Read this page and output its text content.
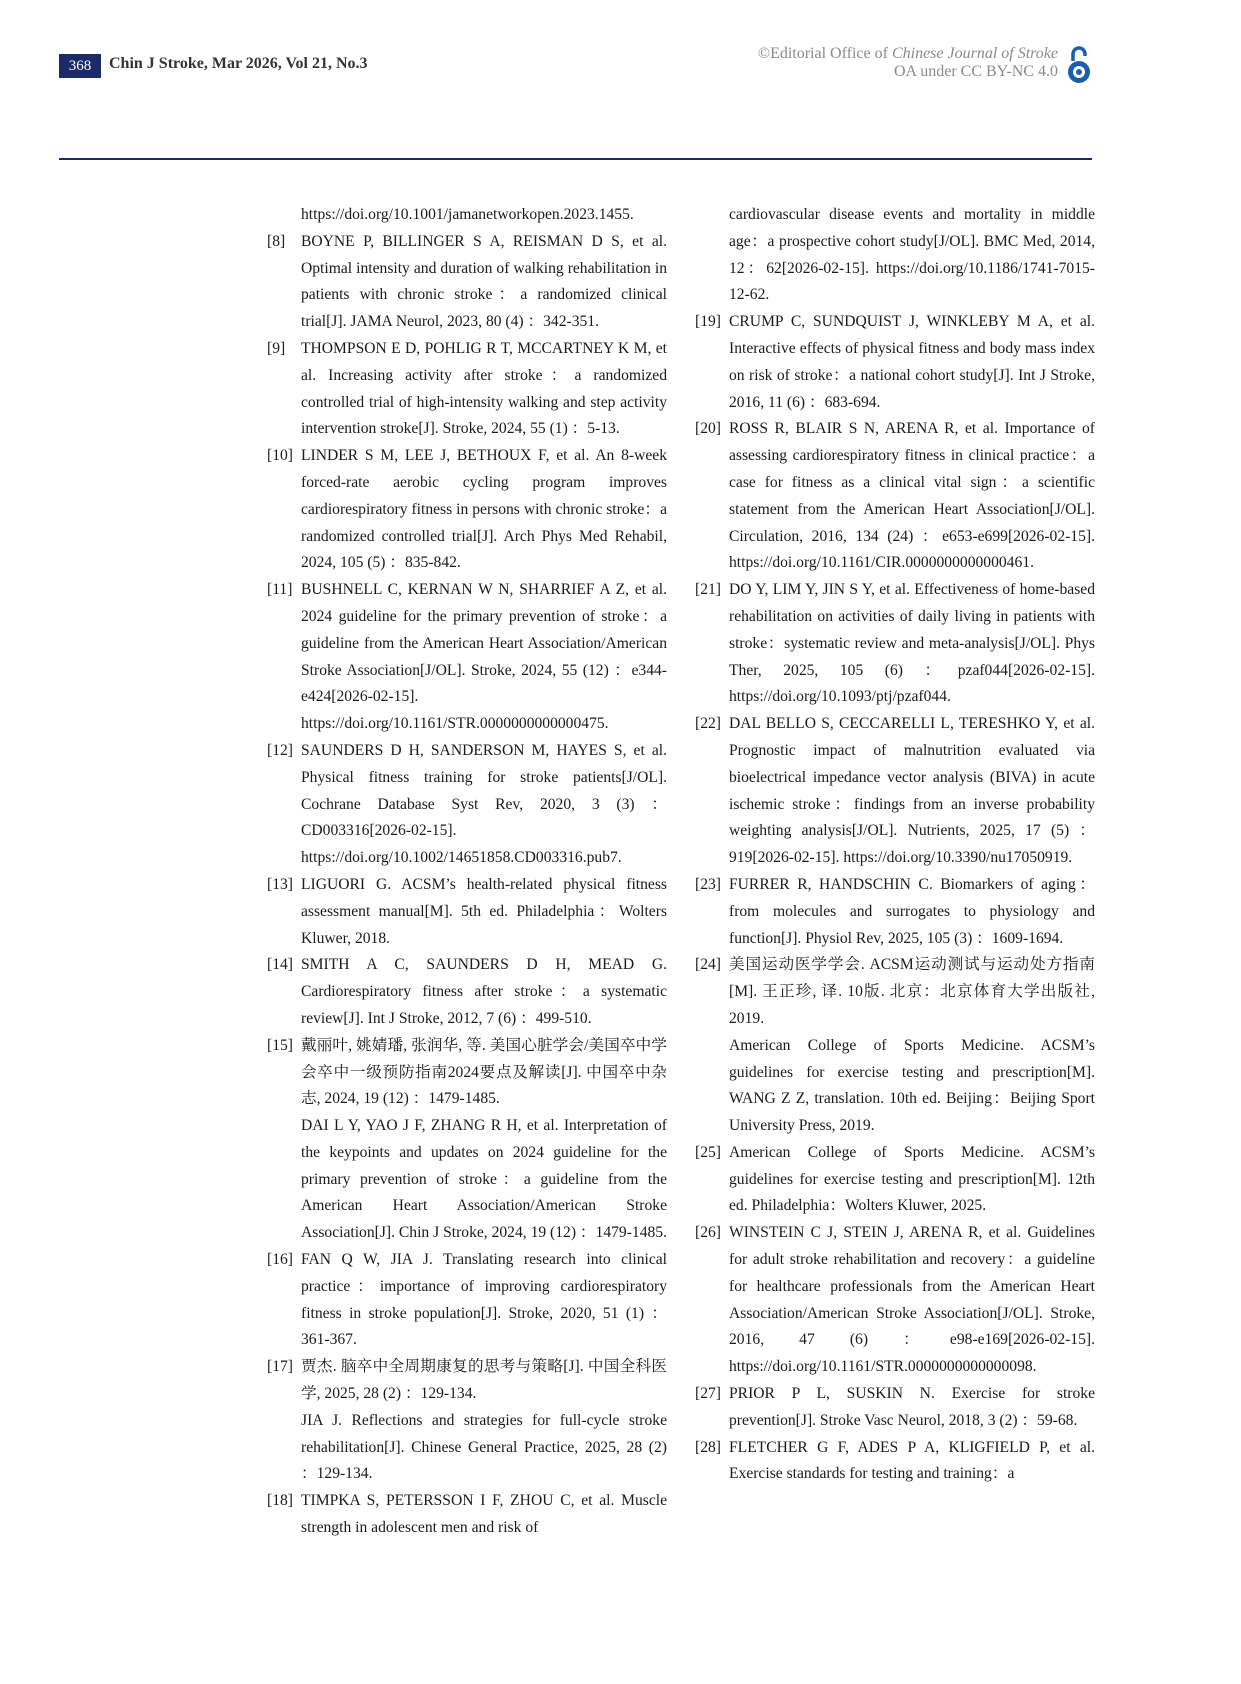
368	Chin J Stroke, Mar 2026, Vol 21, No.3
©Editorial Office of Chinese Journal of Stroke
OA under CC BY-NC 4.0
https://doi.org/10.1001/jamanetworkopen.2023.1455.
[8] BOYNE P, BILLINGER S A, REISMAN D S, et al. Optimal intensity and duration of walking rehabilitation in patients with chronic stroke：a randomized clinical trial[J]. JAMA Neurol, 2023, 80 (4) ：342-351.
[9] THOMPSON E D, POHLIG R T, MCCARTNEY K M, et al. Increasing activity after stroke：a randomized controlled trial of high-intensity walking and step activity intervention stroke[J]. Stroke, 2024, 55 (1) ：5-13.
[10] LINDER S M, LEE J, BETHOUX F, et al. An 8-week forced-rate aerobic cycling program improves cardiorespiratory fitness in persons with chronic stroke：a randomized controlled trial[J]. Arch Phys Med Rehabil, 2024, 105 (5) ：835-842.
[11] BUSHNELL C, KERNAN W N, SHARRIEF A Z, et al. 2024 guideline for the primary prevention of stroke：a guideline from the American Heart Association/American Stroke Association[J/OL]. Stroke, 2024, 55 (12) ：e344-e424[2026-02-15]. https://doi.org/10.1161/STR.0000000000000475.
[12] SAUNDERS D H, SANDERSON M, HAYES S, et al. Physical fitness training for stroke patients[J/OL]. Cochrane Database Syst Rev, 2020, 3 (3) ：CD003316[2026-02-15]. https://doi.org/10.1002/14651858.CD003316.pub7.
[13] LIGUORI G. ACSM’s health-related physical fitness assessment manual[M]. 5th ed. Philadelphia：Wolters Kluwer, 2018.
[14] SMITH A C, SAUNDERS D H, MEAD G. Cardiorespiratory fitness after stroke：a systematic review[J]. Int J Stroke, 2012, 7 (6) ：499-510.
[15] 戴丽叶, 姚婧璠, 张润华, 等. 美国心脏学会/美国卒中学会卒中一级预防指南2024要点及解读[J]. 中国卒中杂志, 2024, 19 (12) ：1479-1485.
DAI L Y, YAO J F, ZHANG R H, et al. Interpretation of the keypoints and updates on 2024 guideline for the primary prevention of stroke：a guideline from the American Heart Association/American Stroke Association[J]. Chin J Stroke, 2024, 19 (12) ：1479-1485.
[16] FAN Q W, JIA J. Translating research into clinical practice：importance of improving cardiorespiratory fitness in stroke population[J]. Stroke, 2020, 51 (1) ：361-367.
[17] 贾杰. 脑卒中全周期康复的思考与策略[J]. 中国全科医学, 2025, 28 (2) ：129-134.
JIA J. Reflections and strategies for full-cycle stroke rehabilitation[J]. Chinese General Practice, 2025, 28 (2) ：129-134.
[18] TIMPKA S, PETERSSON I F, ZHOU C, et al. Muscle strength in adolescent men and risk of
cardiovascular disease events and mortality in middle age：a prospective cohort study[J/OL]. BMC Med, 2014, 12：62[2026-02-15]. https://doi.org/10.1186/1741-7015-12-62.
[19] CRUMP C, SUNDQUIST J, WINKLEBY M A, et al. Interactive effects of physical fitness and body mass index on risk of stroke：a national cohort study[J]. Int J Stroke, 2016, 11 (6) ：683-694.
[20] ROSS R, BLAIR S N, ARENA R, et al. Importance of assessing cardiorespiratory fitness in clinical practice：a case for fitness as a clinical vital sign：a scientific statement from the American Heart Association[J/OL]. Circulation, 2016, 134 (24) ：e653-e699[2026-02-15]. https://doi.org/10.1161/CIR.0000000000000461.
[21] DO Y, LIM Y, JIN S Y, et al. Effectiveness of home-based rehabilitation on activities of daily living in patients with stroke：systematic review and meta-analysis[J/OL]. Phys Ther, 2025, 105 (6) ：pzaf044[2026-02-15]. https://doi.org/10.1093/ptj/pzaf044.
[22] DAL BELLO S, CECCARELLI L, TERESHKO Y, et al. Prognostic impact of malnutrition evaluated via bioelectrical impedance vector analysis (BIVA) in acute ischemic stroke：findings from an inverse probability weighting analysis[J/OL]. Nutrients, 2025, 17 (5) ：919[2026-02-15]. https://doi.org/10.3390/nu17050919.
[23] FURRER R, HANDSCHIN C. Biomarkers of aging：from molecules and surrogates to physiology and function[J]. Physiol Rev, 2025, 105 (3) ：1609-1694.
[24] 美国运动医学学会. ACSM运动测试与运动处方指南[M]. 王正珍, 译. 10版. 北京：北京体育大学出版社, 2019.
American College of Sports Medicine. ACSM’s guidelines for exercise testing and prescription[M]. WANG Z Z, translation. 10th ed. Beijing：Beijing Sport University Press, 2019.
[25] American College of Sports Medicine. ACSM’s guidelines for exercise testing and prescription[M]. 12th ed. Philadelphia：Wolters Kluwer, 2025.
[26] WINSTEIN C J, STEIN J, ARENA R, et al. Guidelines for adult stroke rehabilitation and recovery：a guideline for healthcare professionals from the American Heart Association/American Stroke Association[J/OL]. Stroke, 2016, 47 (6) ：e98-e169[2026-02-15]. https://doi.org/10.1161/STR.0000000000000098.
[27] PRIOR P L, SUSKIN N. Exercise for stroke prevention[J]. Stroke Vasc Neurol, 2018, 3 (2) ：59-68.
[28] FLETCHER G F, ADES P A, KLIGFIELD P, et al. Exercise standards for testing and training：a
